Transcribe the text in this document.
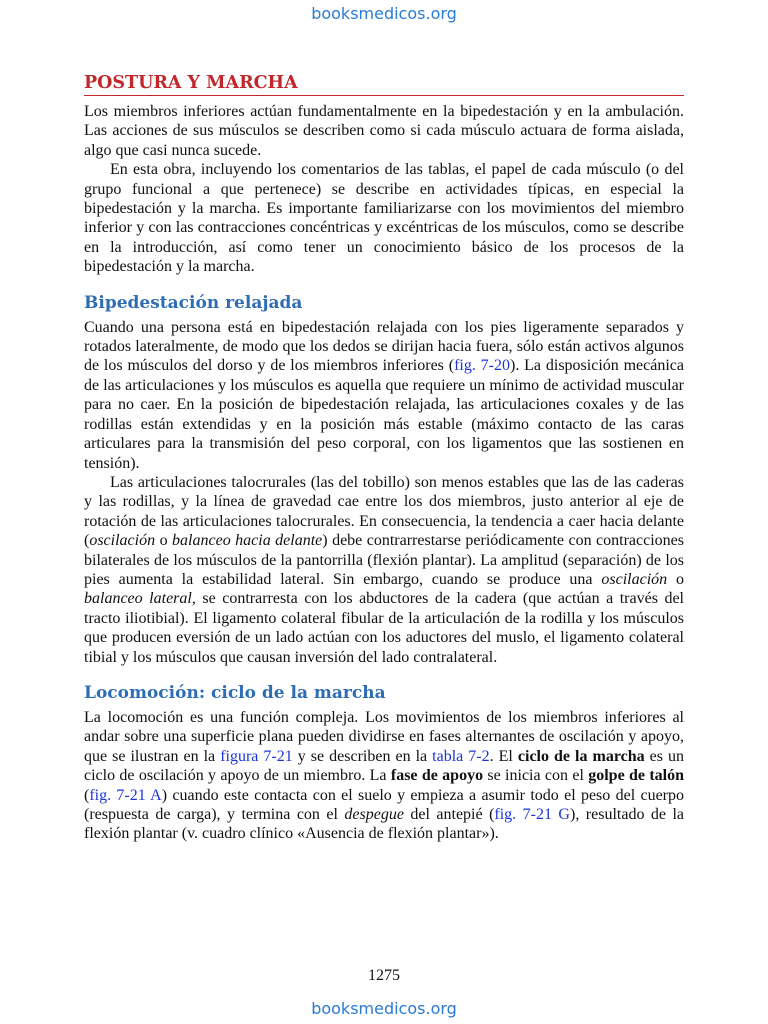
booksmedicos.org
POSTURA Y MARCHA

Los miembros inferiores actúan fundamentalmente en la bipedestación y en la ambulación. Las acciones de sus músculos se describen como si cada músculo actuara de forma aislada, algo que casi nunca sucede.

En esta obra, incluyendo los comentarios de las tablas, el papel de cada músculo (o del grupo funcional a que pertenece) se describe en actividades típicas, en especial la bipedestación y la marcha. Es importante familiarizarse con los movimientos del miembro inferior y con las contracciones concéntricas y excéntricas de los músculos, como se describe en la introducción, así como tener un conocimiento básico de los procesos de la bipedestación y la marcha.

Bipedestación relajada

Cuando una persona está en bipedestación relajada con los pies ligeramente separados y rotados lateralmente, de modo que los dedos se dirijan hacia fuera, sólo están activos algunos de los músculos del dorso y de los miembros inferiores (fig. 7-20). La disposición mecánica de las articulaciones y los músculos es aquella que requiere un mínimo de actividad muscular para no caer. En la posición de bipedestación relajada, las articulaciones coxales y de las rodillas están extendidas y en la posición más estable (máximo contacto de las caras articulares para la transmisión del peso corporal, con los ligamentos que las sostienen en tensión).

Las articulaciones talocrurales (las del tobillo) son menos estables que las de las caderas y las rodillas, y la línea de gravedad cae entre los dos miembros, justo anterior al eje de rotación de las articulaciones talocrurales. En consecuencia, la tendencia a caer hacia delante (oscilación o balanceo hacia delante) debe contrarrestarse periódicamente con contracciones bilaterales de los músculos de la pantorrilla (flexión plantar). La amplitud (separación) de los pies aumenta la estabilidad lateral. Sin embargo, cuando se produce una oscilación o balanceo lateral, se contrarresta con los abductores de la cadera (que actúan a través del tracto iliotibial). El ligamento colateral fibular de la articulación de la rodilla y los músculos que producen eversión de un lado actúan con los aductores del muslo, el ligamento colateral tibial y los músculos que causan inversión del lado contralateral.

Locomoción: ciclo de la marcha

La locomoción es una función compleja. Los movimientos de los miembros inferiores al andar sobre una superficie plana pueden dividirse en fases alternantes de oscilación y apoyo, que se ilustran en la figura 7-21 y se describen en la tabla 7-2. El ciclo de la marcha es un ciclo de oscilación y apoyo de un miembro. La fase de apoyo se inicia con el golpe de talón (fig. 7-21 A) cuando este contacta con el suelo y empieza a asumir todo el peso del cuerpo (respuesta de carga), y termina con el despegue del antepié (fig. 7-21 G), resultado de la flexión plantar (v. cuadro clínico «Ausencia de flexión plantar»).

1275
booksmedicos.org
